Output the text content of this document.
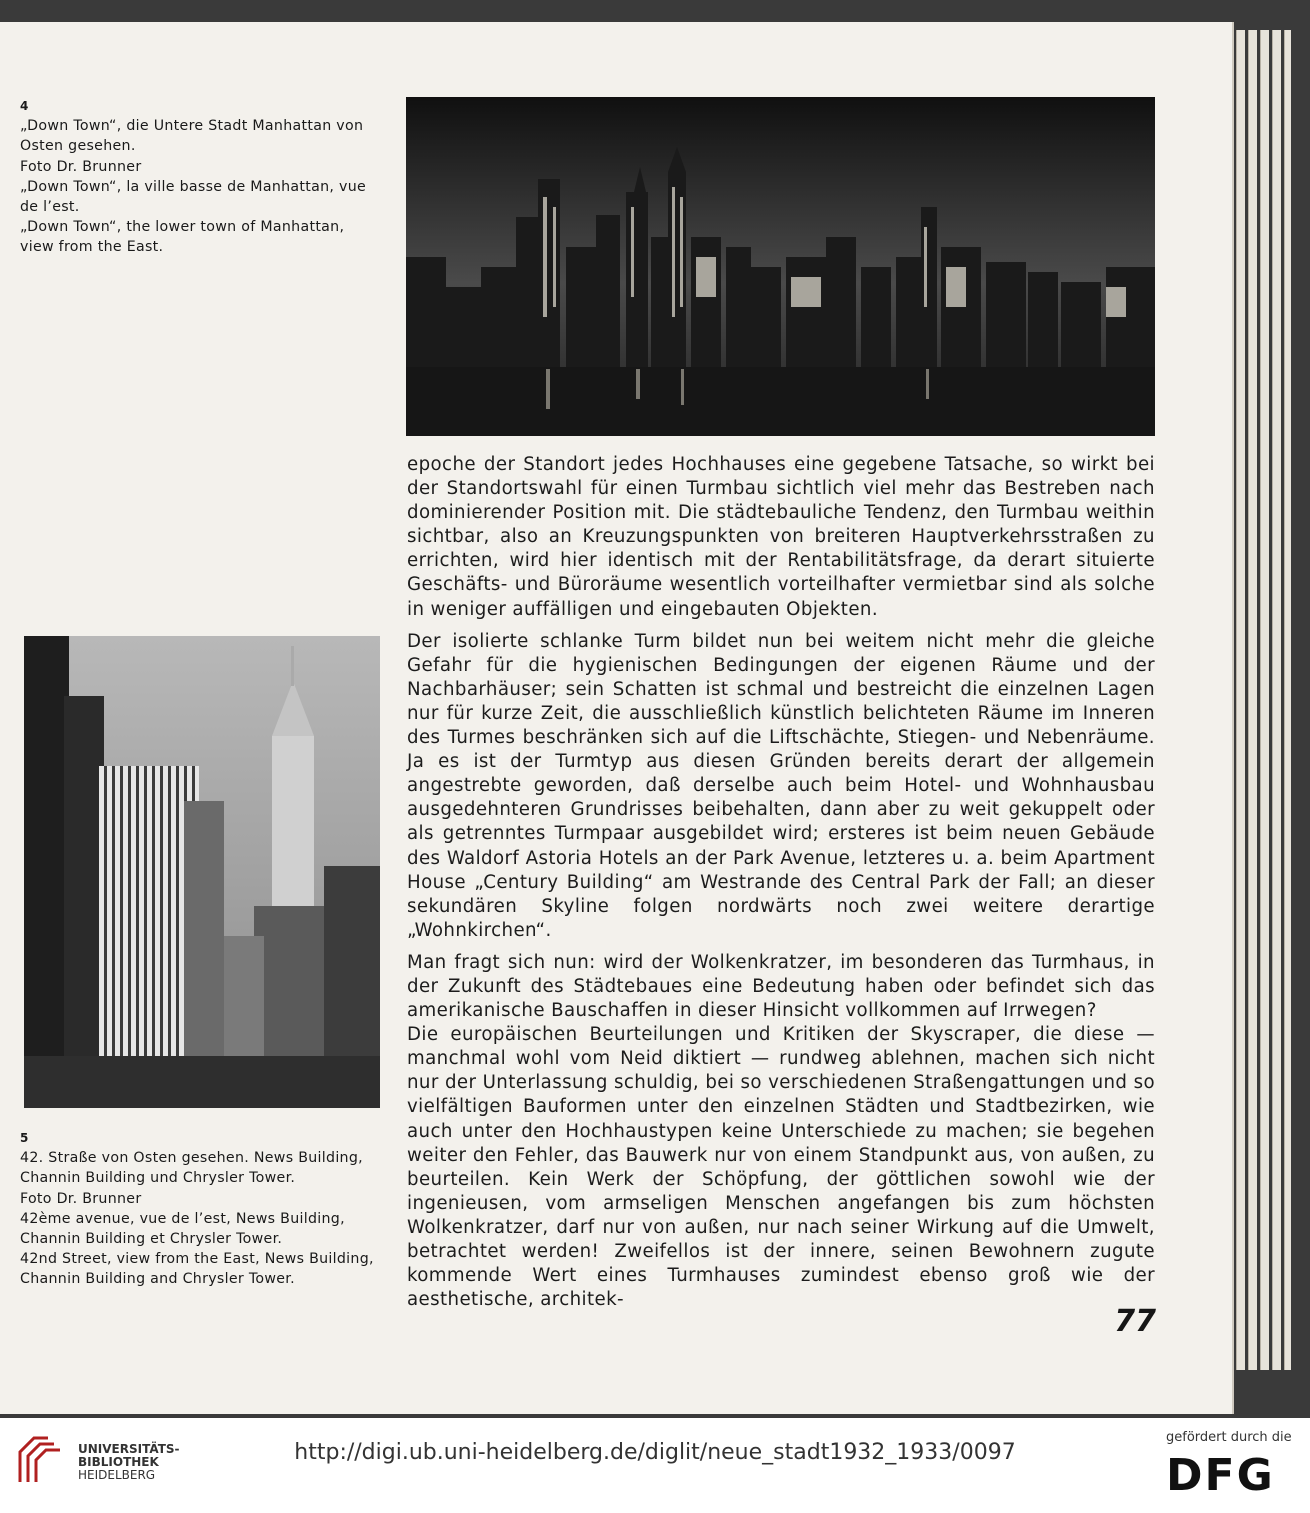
4

„Down Town“, die Untere Stadt Manhattan von Osten gesehen.

Foto Dr. Brunner

„Down Town“, la ville basse de Manhattan, vue de l’est.

„Down Town“, the lower town of Manhattan, view from the East.

5

42. Straße von Osten gesehen. News Building, Channin Building und Chrysler Tower.

Foto Dr. Brunner

42ème avenue, vue de l’est, News Building, Channin Building et Chrysler Tower.

42nd Street, view from the East, News Building, Channin Building and Chrysler Tower.

epoche der Standort jedes Hochhauses eine gegebene Tatsache, so wirkt bei der Standortswahl für einen Turmbau sichtlich viel mehr das Bestreben nach dominierender Position mit. Die städtebauliche Tendenz, den Turmbau weithin sichtbar, also an Kreuzungspunkten von breiteren Hauptverkehrsstraßen zu errichten, wird hier identisch mit der Rentabilitätsfrage, da derart situierte Geschäfts- und Büroräume wesentlich vorteilhafter vermietbar sind als solche in weniger auffälligen und eingebauten Objekten.

Der isolierte schlanke Turm bildet nun bei weitem nicht mehr die gleiche Gefahr für die hygienischen Bedingungen der eigenen Räume und der Nachbarhäuser; sein Schatten ist schmal und bestreicht die einzelnen Lagen nur für kurze Zeit, die ausschließlich künstlich belichteten Räume im Inneren des Turmes beschränken sich auf die Liftschächte, Stiegen- und Nebenräume. Ja es ist der Turmtyp aus diesen Gründen bereits derart der allgemein angestrebte geworden, daß derselbe auch beim Hotel- und Wohnhausbau ausgedehnteren Grundrisses beibehalten, dann aber zu weit gekuppelt oder als getrenntes Turmpaar ausgebildet wird; ersteres ist beim neuen Gebäude des Waldorf Astoria Hotels an der Park Avenue, letzteres u. a. beim Apartment House „Century Building“ am Westrande des Central Park der Fall; an dieser sekundären Skyline folgen nordwärts noch zwei weitere derartige „Wohnkirchen“.

Man fragt sich nun: wird der Wolkenkratzer, im besonderen das Turmhaus, in der Zukunft des Städtebaues eine Bedeutung haben oder befindet sich das amerikanische Bauschaffen in dieser Hinsicht vollkommen auf Irrwegen?

Die europäischen Beurteilungen und Kritiken der Skyscraper, die diese — manchmal wohl vom Neid diktiert — rundweg ablehnen, machen sich nicht nur der Unterlassung schuldig, bei so verschiedenen Straßengattungen und so vielfältigen Bauformen unter den einzelnen Städten und Stadtbezirken, wie auch unter den Hochhaustypen keine Unterschiede zu machen; sie begehen weiter den Fehler, das Bauwerk nur von einem Standpunkt aus, von außen, zu beurteilen. Kein Werk der Schöpfung, der göttlichen sowohl wie der ingenieusen, vom armseligen Menschen angefangen bis zum höchsten Wolkenkratzer, darf nur von außen, nur nach seiner Wirkung auf die Umwelt, betrachtet werden! Zweifellos ist der innere, seinen Bewohnern zugute kommende Wert eines Turmhauses zumindest ebenso groß wie der aesthetische, architek-

77
UNIVERSITÄTS-
BIBLIOTHEK
HEIDELBERG
http://digi.ub.uni-heidelberg.de/diglit/neue_stadt1932_1933/0097
gefördert durch die
DFG
